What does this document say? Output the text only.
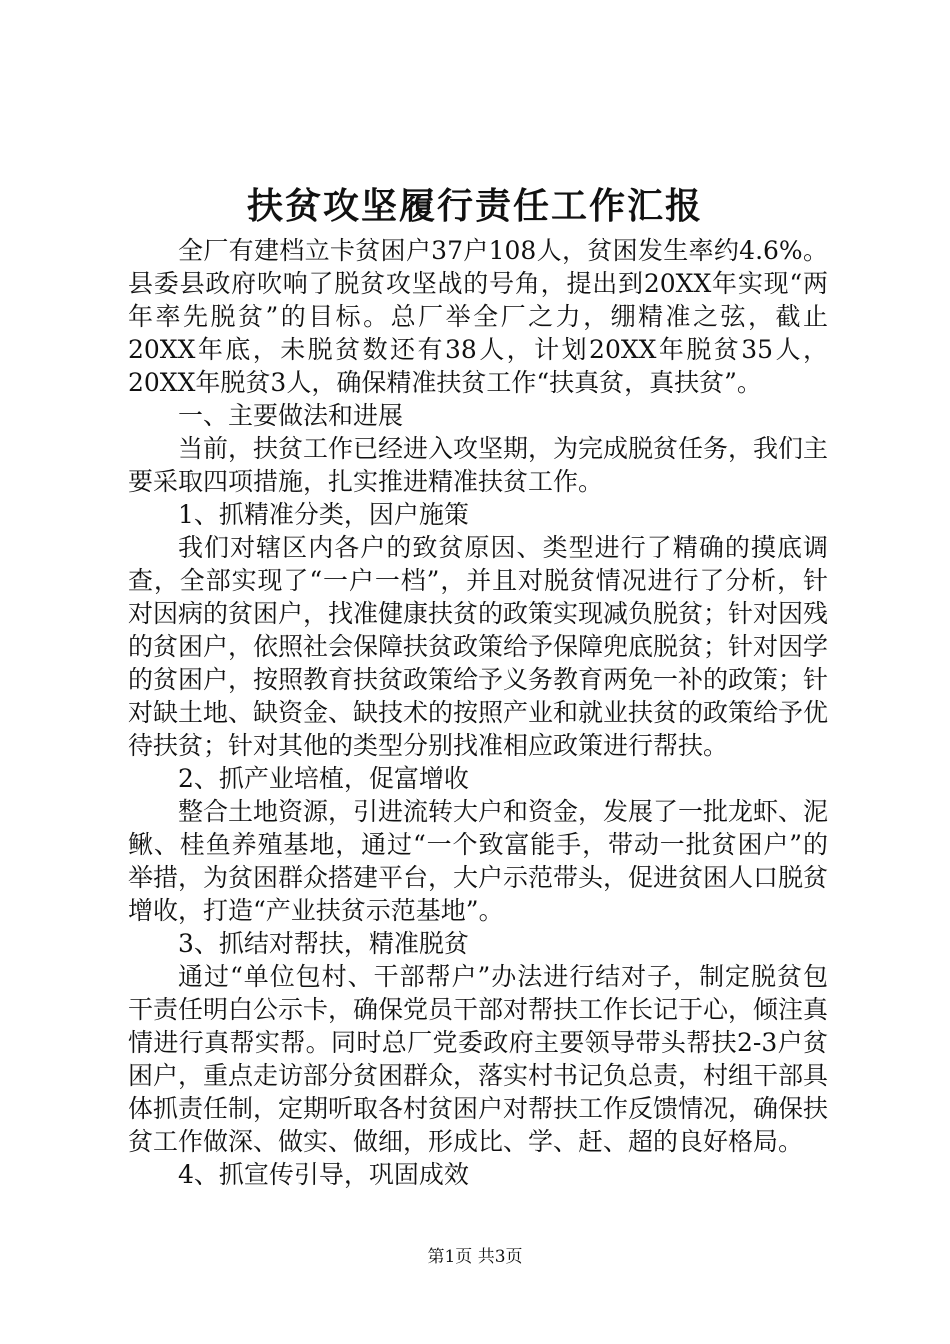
扶贫攻坚履行责任工作汇报

全厂有建档立卡贫困户37户108人，贫困发生率约4.6%。县委县政府吹响了脱贫攻坚战的号角，提出到20XX年实现“两年率先脱贫”的目标。总厂举全厂之力，绷精准之弦，截止20XX年底，未脱贫数还有38人，计划20XX年脱贫35人，20XX年脱贫3人，确保精准扶贫工作“扶真贫，真扶贫”。

一、主要做法和进展

当前，扶贫工作已经进入攻坚期，为完成脱贫任务，我们主要采取四项措施，扎实推进精准扶贫工作。

1、抓精准分类，因户施策

我们对辖区内各户的致贫原因、类型进行了精确的摸底调查，全部实现了“一户一档”，并且对脱贫情况进行了分析，针对因病的贫困户，找准健康扶贫的政策实现减负脱贫；针对因残的贫困户，依照社会保障扶贫政策给予保障兜底脱贫；针对因学的贫困户，按照教育扶贫政策给予义务教育两免一补的政策；针对缺土地、缺资金、缺技术的按照产业和就业扶贫的政策给予优待扶贫；针对其他的类型分别找准相应政策进行帮扶。

2、抓产业培植，促富增收

整合土地资源，引进流转大户和资金，发展了一批龙虾、泥鳅、桂鱼养殖基地，通过“一个致富能手，带动一批贫困户”的举措，为贫困群众搭建平台，大户示范带头，促进贫困人口脱贫增收，打造“产业扶贫示范基地”。

3、抓结对帮扶，精准脱贫

通过“单位包村、干部帮户”办法进行结对子，制定脱贫包干责任明白公示卡，确保党员干部对帮扶工作长记于心，倾注真情进行真帮实帮。同时总厂党委政府主要领导带头帮扶2-3户贫困户，重点走访部分贫困群众，落实村书记负总责，村组干部具体抓责任制，定期听取各村贫困户对帮扶工作反馈情况，确保扶贫工作做深、做实、做细，形成比、学、赶、超的良好格局。

4、抓宣传引导，巩固成效

第1页 共3页
